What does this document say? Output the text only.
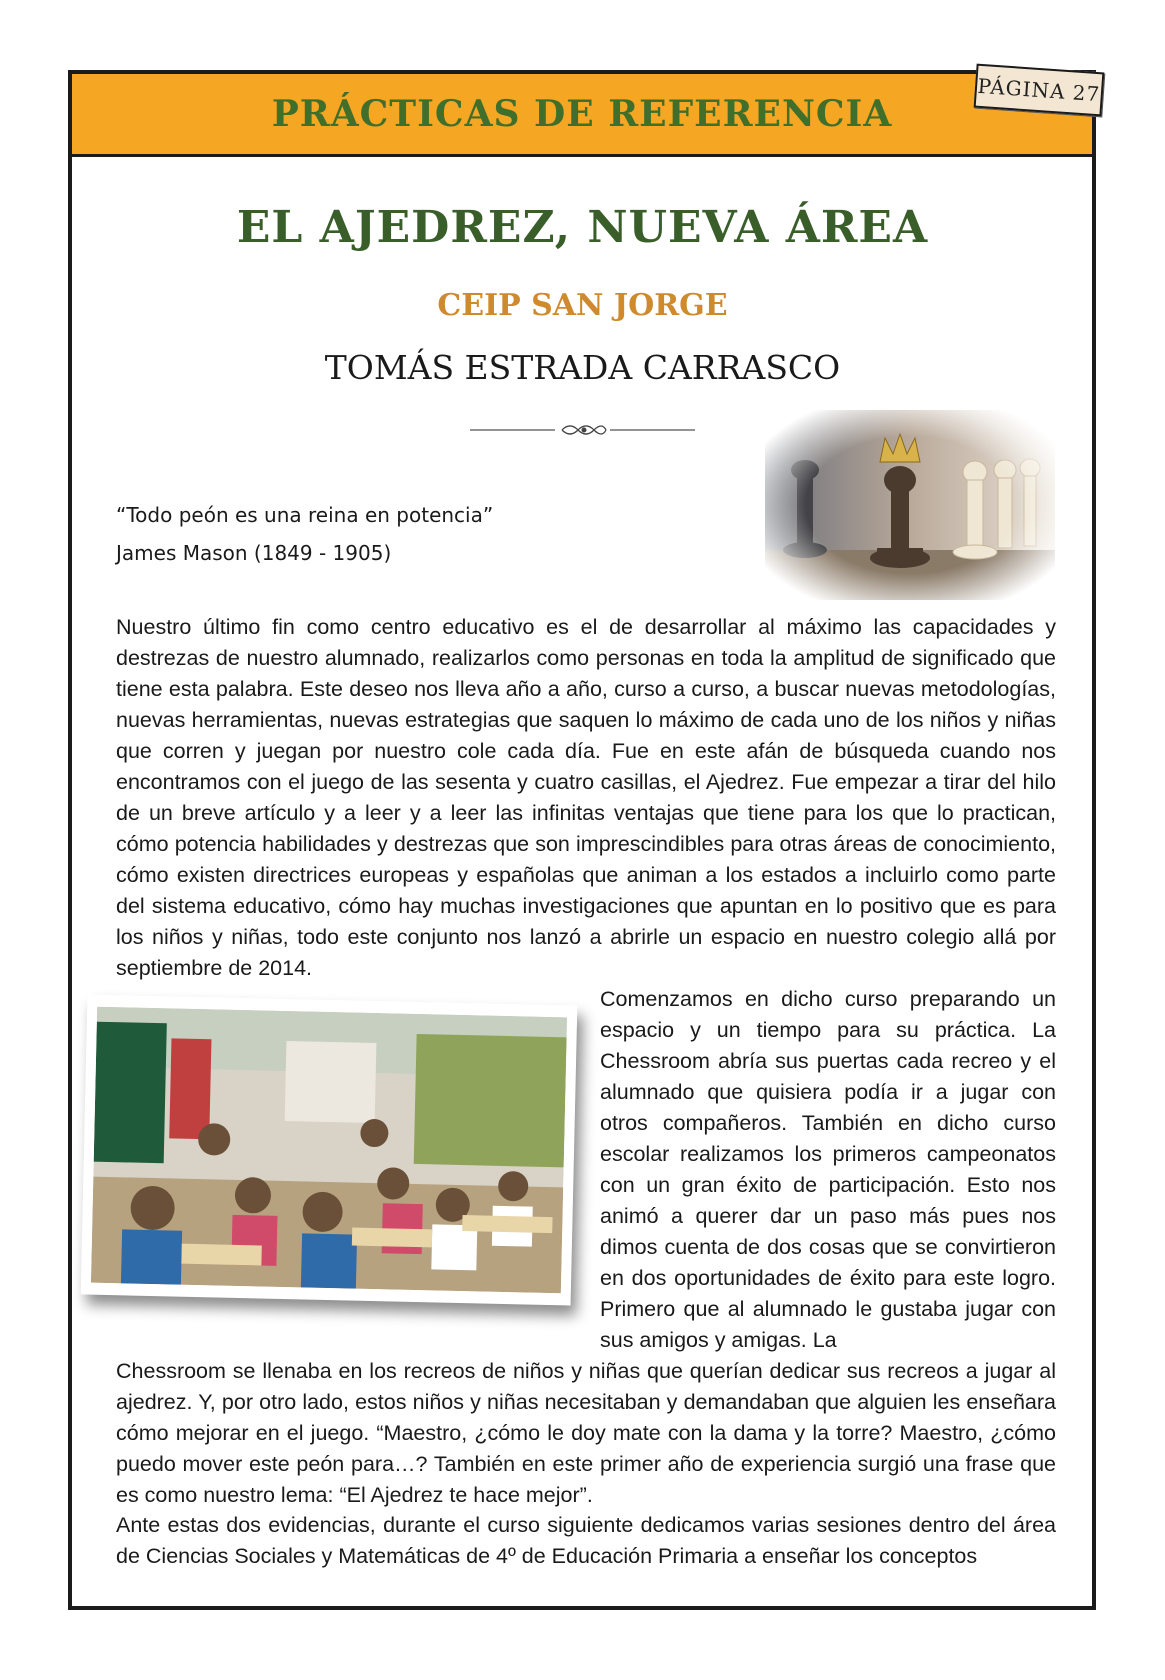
PRÁCTICAS DE REFERENCIA
PÁGINA 27
EL AJEDREZ, NUEVA ÁREA
CEIP SAN JORGE
TOMÁS ESTRADA CARRASCO
“Todo peón es una reina en potencia”
James Mason (1849 - 1905)

Nuestro último fin como centro educativo es el de desarrollar al máximo las capacidades y destrezas de nuestro alumnado, realizarlos como personas en toda la amplitud de significado que tiene esta palabra. Este deseo nos lleva año a año, curso a curso, a buscar nuevas metodologías, nuevas herramientas, nuevas estrategias que saquen lo máximo de cada uno de los niños y niñas que corren y juegan por nuestro cole cada día. Fue en este afán de búsqueda cuando nos encontramos con el juego de las sesenta y cuatro casillas, el Ajedrez. Fue empezar a tirar del hilo de un breve artículo y a leer y a leer las infinitas ventajas que tiene para los que lo practican, cómo potencia habilidades y destrezas que son imprescindibles para otras áreas de conocimiento, cómo existen directrices europeas y españolas que animan a los estados a incluirlo como parte del sistema educativo, cómo hay muchas investigaciones que apuntan en lo positivo que es para los niños y niñas, todo este conjunto nos lanzó a abrirle un espacio en nuestro colegio allá por septiembre de 2014.

Comenzamos en dicho curso preparando un espacio y un tiempo para su práctica. La Chessroom abría sus puertas cada recreo y el alumnado que quisiera podía ir a jugar con otros compañeros. También en dicho curso escolar realizamos los primeros campeonatos con un gran éxito de participación. Esto nos animó a querer dar un paso más pues nos dimos cuenta de dos cosas que se convirtieron en dos oportunidades de éxito para este logro. Primero que al alumnado le gustaba jugar con sus amigos y amigas. La

Chessroom se llenaba en los recreos de niños y niñas que querían dedicar sus recreos a jugar al ajedrez. Y, por otro lado, estos niños y niñas necesitaban y demandaban que alguien les enseñara cómo mejorar en el juego. “Maestro, ¿cómo le doy mate con la dama y la torre? Maestro, ¿cómo puedo mover este peón para…? También en este primer año de experiencia surgió una frase que es como nuestro lema: “El Ajedrez te hace mejor”.

Ante estas dos evidencias, durante el curso siguiente dedicamos varias sesiones dentro del área de Ciencias Sociales y Matemáticas de 4º de Educación Primaria a enseñar los conceptos
